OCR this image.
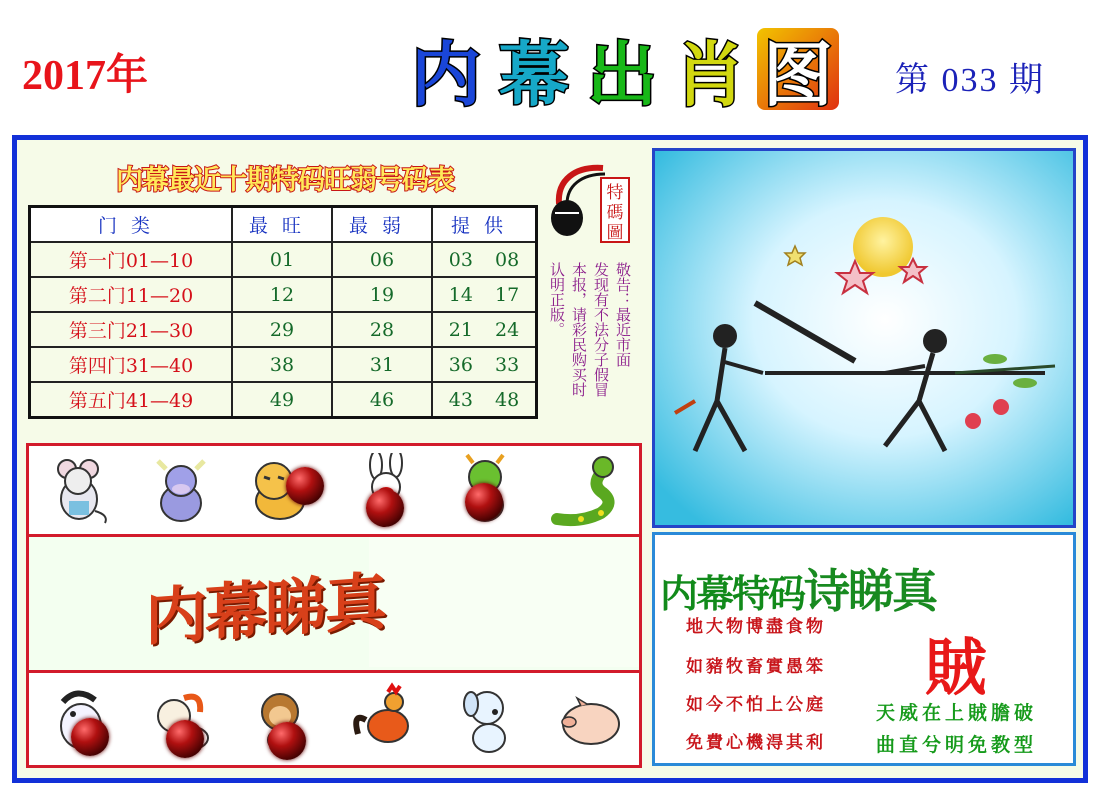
2017年	内 幕 出 肖 图 第 033 期
内幕最近十期特码旺弱号码表
门类	最旺	最弱	提供
第一门01—10	01	06	03 08
第二门11—20	12	19	14 17
第三门21—30	29	28	21 24
第四门31—40	38	31	36 33
第五门41—49	49	46	43 48
特
碼
圖
敬告：最近市面
发现有不法分子假冒
本报，请彩民购买时
认明正版。
内幕睇真	内幕特码诗睇真
賊
地大物博盡食物
如豬牧畜實愚笨
如今不怕上公庭
免費心機淂其利
天威在上賊膽破
曲直兮明免教型
